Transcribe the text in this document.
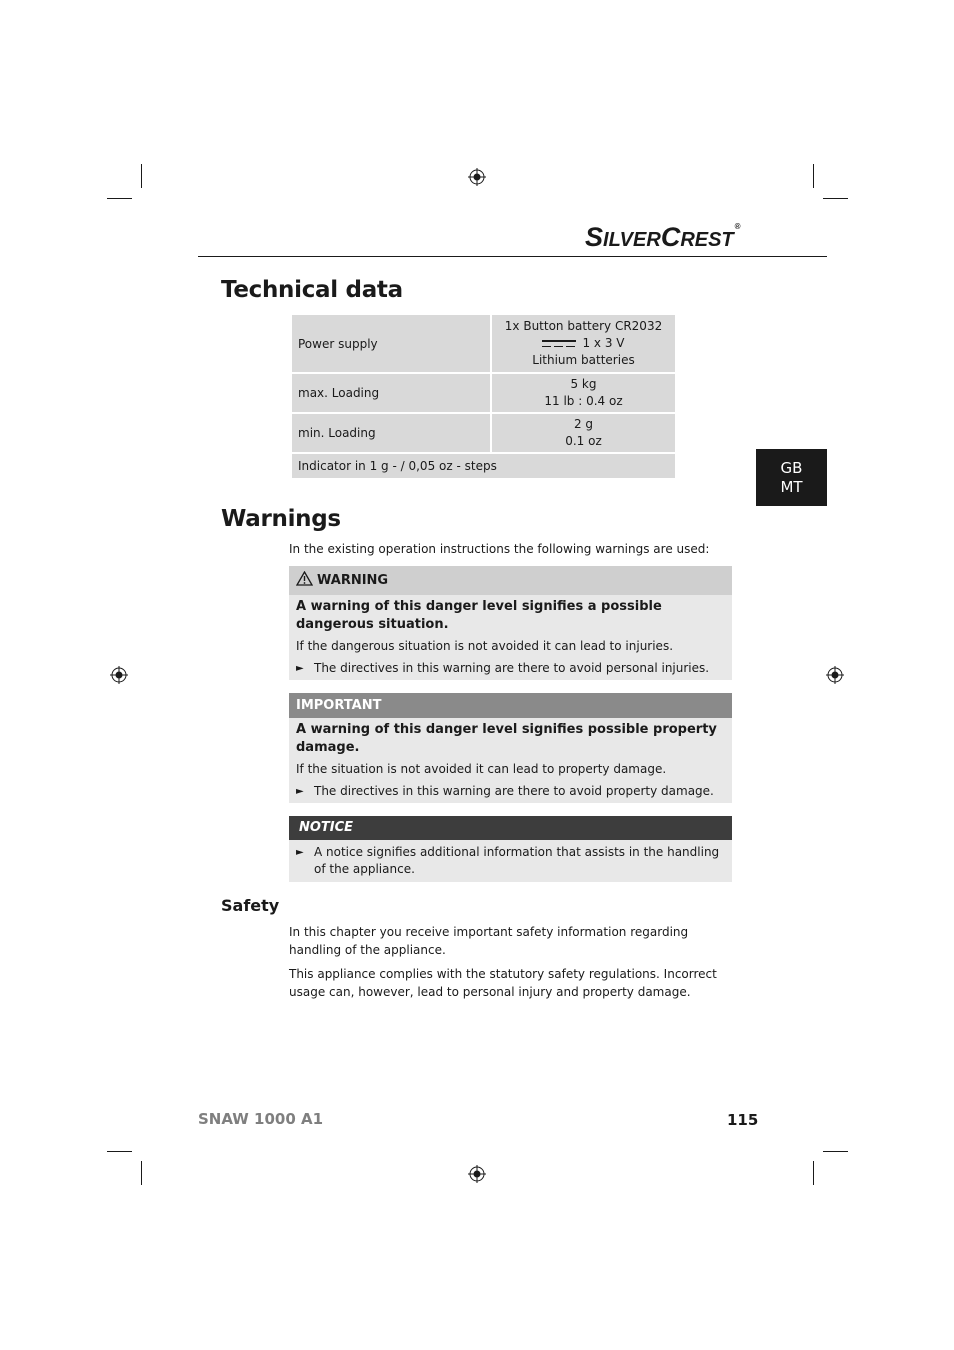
SILVERCREST®
GB
MT
Technical data
Power supply	1x Button battery CR2032
1 x 3 V
Lithium batteries

max. Loading	5 kg
11 lb : 0.4 oz

min. Loading	2 g
0.1 oz

Indicator in 1 g - / 0,05 oz - steps	
Warnings

In the existing operation instructions the following warnings are used:

WARNING

A warning of this danger level signifies a possible dangerous situation.

If the dangerous situation is not avoided it can lead to injuries.

► The directives in this warning are there to avoid personal injuries.
IMPORTANT

A warning of this danger level signifies possible property damage.

If the situation is not avoided it can lead to property damage.

► The directives in this warning are there to avoid property damage.
NOTICE
► A notice signifies additional information that assists in the handling of the appliance.
Safety

In this chapter you receive important safety information regarding handling of the appliance.

This appliance complies with the statutory safety regulations. Incorrect usage can, however, lead to personal injury and property damage.

SNAW 1000 A1	115
